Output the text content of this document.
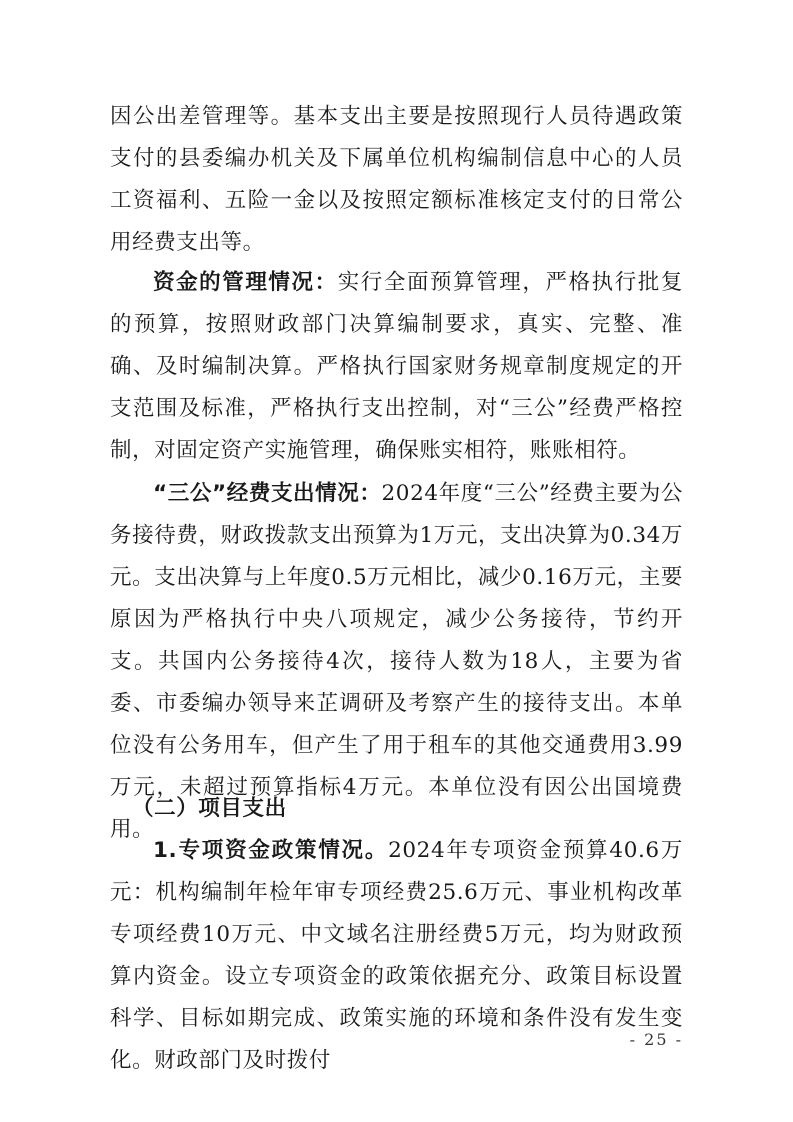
因公出差管理等。基本支出主要是按照现行人员待遇政策支付的县委编办机关及下属单位机构编制信息中心的人员工资福利、五险一金以及按照定额标准核定支付的日常公用经费支出等。

资金的管理情况：实行全面预算管理，严格执行批复的预算，按照财政部门决算编制要求，真实、完整、准确、及时编制决算。严格执行国家财务规章制度规定的开支范围及标准，严格执行支出控制，对“三公”经费严格控制，对固定资产实施管理，确保账实相符，账账相符。

“三公”经费支出情况：2024年度“三公”经费主要为公务接待费，财政拨款支出预算为1万元，支出决算为0.34万元。支出决算与上年度0.5万元相比，减少0.16万元，主要原因为严格执行中央八项规定，减少公务接待，节约开支。共国内公务接待4次，接待人数为18人，主要为省委、市委编办领导来芷调研及考察产生的接待支出。本单位没有公务用车，但产生了用于租车的其他交通费用3.99万元，未超过预算指标4万元。本单位没有因公出国境费用。

（二）项目支出

1.专项资金政策情况。2024年专项资金预算40.6万元：机构编制年检年审专项经费25.6万元、事业机构改革专项经费10万元、中文域名注册经费5万元，均为财政预算内资金。设立专项资金的政策依据充分、政策目标设置科学、目标如期完成、政策实施的环境和条件没有发生变化。财政部门及时拨付

- 25 -
